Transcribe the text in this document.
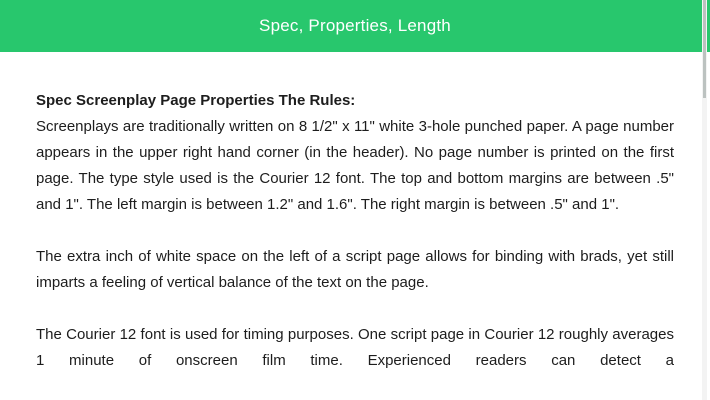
Spec, Properties, Length
Spec Screenplay Page Properties The Rules:

Screenplays are traditionally written on 8 1/2" x 11" white 3-hole punched paper. A page number appears in the upper right hand corner (in the header). No page number is printed on the first page. The type style used is the Courier 12 font. The top and bottom margins are between .5" and 1". The left margin is between 1.2" and 1.6". The right margin is between .5" and 1".

The extra inch of white space on the left of a script page allows for binding with brads, yet still imparts a feeling of vertical balance of the text on the page.

The Courier 12 font is used for timing purposes. One script page in Courier 12 roughly averages 1 minute of onscreen film time. Experienced readers can detect a
